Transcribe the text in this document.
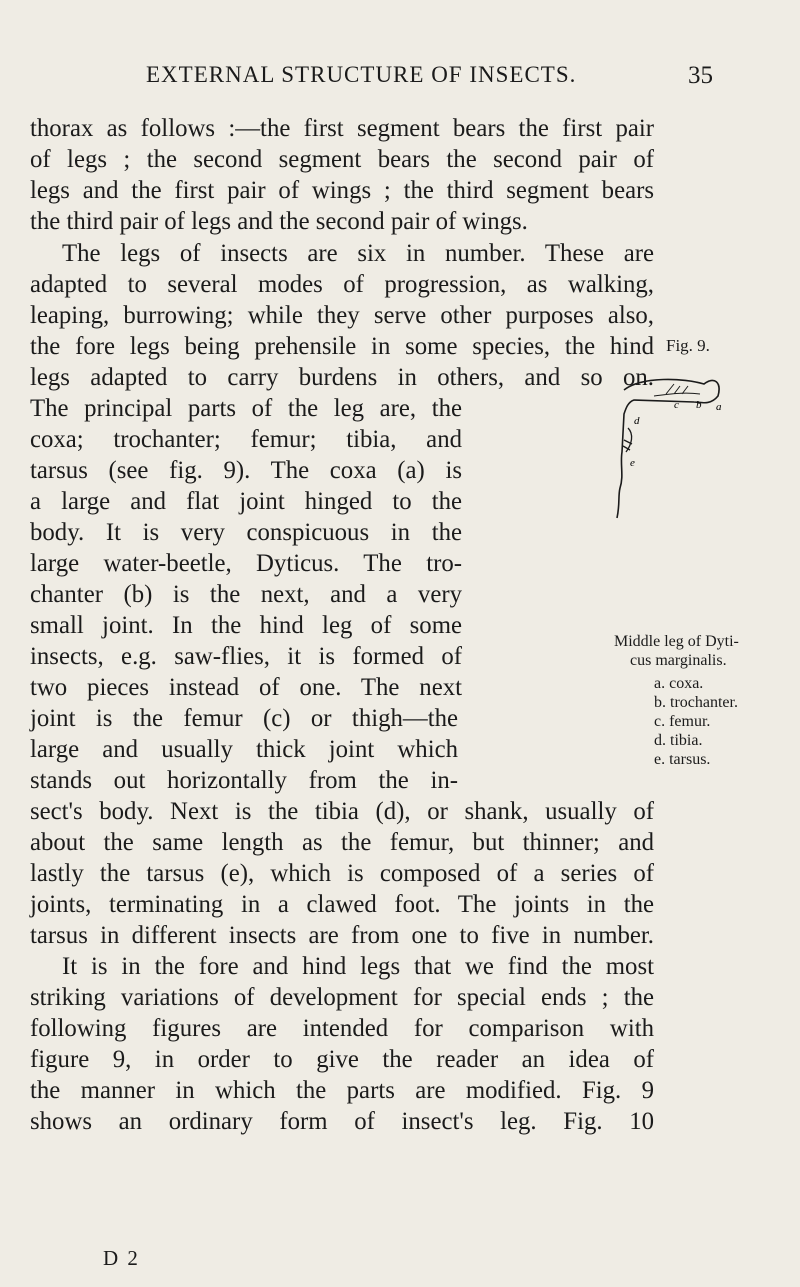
EXTERNAL STRUCTURE OF INSECTS.	35
thorax as follows :—the first segment bears the first pair
of legs ; the second segment bears the second pair of
legs and the first pair of wings ; the third segment bears
the third pair of legs and the second pair of wings.
The legs of insects are six in number. These are
adapted to several modes of progression, as walking,
leaping, burrowing; while they serve other purposes also,
the fore legs being prehensile in some species, the hind
legs adapted to carry burdens in others, and so on.
The principal parts of the leg are, the
coxa; trochanter; femur; tibia, and
tarsus (see fig. 9). The coxa (a) is
a large and flat joint hinged to the
body. It is very conspicuous in the
large water-beetle, Dyticus. The tro-
chanter (b) is the next, and a very
small joint. In the hind leg of some
insects, e.g. saw-flies, it is formed of
two pieces instead of one. The next
joint is the femur (c) or thigh—the
large and usually thick joint which
stands out horizontally from the in-
sect's body. Next is the tibia (d), or shank, usually of
about the same length as the femur, but thinner; and
lastly the tarsus (e), which is composed of a series of
joints, terminating in a clawed foot. The joints in the
tarsus in different insects are from one to five in number.
It is in the fore and hind legs that we find the most
striking variations of development for special ends ; the
following figures are intended for comparison with
figure 9, in order to give the reader an idea of
the manner in which the parts are modified. Fig. 9
shows an ordinary form of insect's leg. Fig. 10
Fig. 9.
d
c b a
e
Middle leg of Dyti-
cus marginalis.
a. coxa.
b. trochanter.
c. femur.
d. tibia.
e. tarsus.
D 2
